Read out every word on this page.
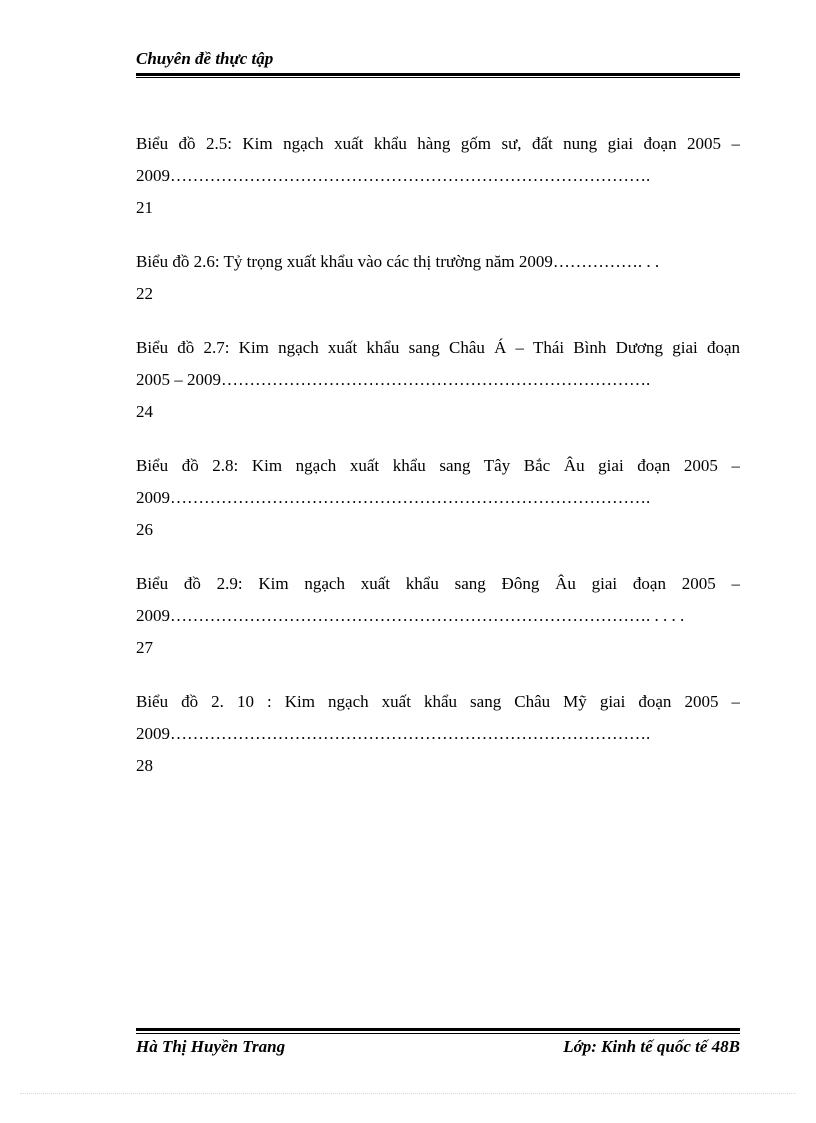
Chuyên đề thực tập
Biểu đồ 2.5: Kim ngạch xuất khẩu hàng gốm sư, đất nung giai đoạn 2005 –
2009………………………………………………………………………….
21
Biểu đồ 2.6: Tỷ trọng xuất khẩu vào các thị trường năm 2009……………. . .
22
Biểu đồ 2.7: Kim ngạch xuất khẩu sang Châu Á – Thái Bình Dương giai đoạn
2005 – 2009………………………………………………………………….
24
Biểu đồ 2.8: Kim ngạch xuất khẩu sang Tây Bắc Âu giai đoạn 2005 –
2009………………………………………………………………………….
26
Biểu đồ 2.9: Kim ngạch xuất khẩu sang Đông Âu giai đoạn 2005 –
2009…………………………………………………………………………. . . . .
27
Biểu đồ 2. 10 : Kim ngạch xuất khẩu sang Châu Mỹ giai đoạn 2005 –
2009………………………………………………………………………….
28
Hà Thị Huyền Trang	Lớp: Kinh tế quốc tế 48B
